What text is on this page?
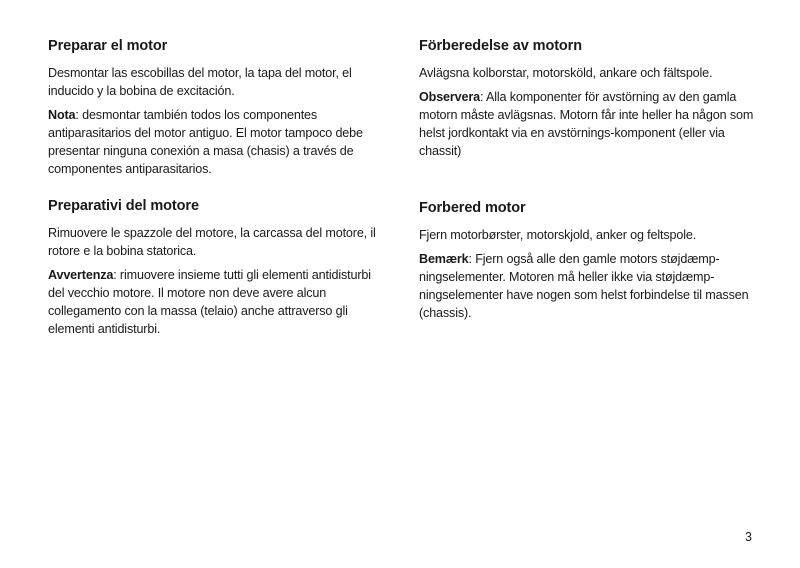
Preparar el motor

Desmontar las escobillas del motor, la tapa del motor, el inducido y la bobina de excitación.

Nota: desmontar también todos los componentes antiparasitarios del motor antiguo. El motor tampoco debe presentar ninguna conexión a masa (chasis) a través de componentes antiparasitarios.

Preparativi del motore

Rimuovere le spazzole del motore, la carcassa del motore, il rotore e la bobina statorica.

Avvertenza: rimuovere insieme tutti gli elementi antidisturbi del vecchio motore. Il motore non deve avere alcun collegamento con la massa (telaio) anche attraverso gli elementi antidisturbi.

Förberedelse av motorn

Avlägsna kolborstar, motorsköld, ankare och fältspole.

Observera: Alla komponenter för avstörning av den gamla motorn måste avlägsnas. Motorn får inte heller ha någon som helst jordkontakt via en avstörnings-komponent (eller via chassit)

Forbered motor

Fjern motorbørster, motorskjold, anker og feltspole.

Bemærk: Fjern også alle den gamle motors støjdæmp-ningselementer. Motoren må heller ikke via støjdæmp-ningselementer have nogen som helst forbindelse til massen (chassis).

3
